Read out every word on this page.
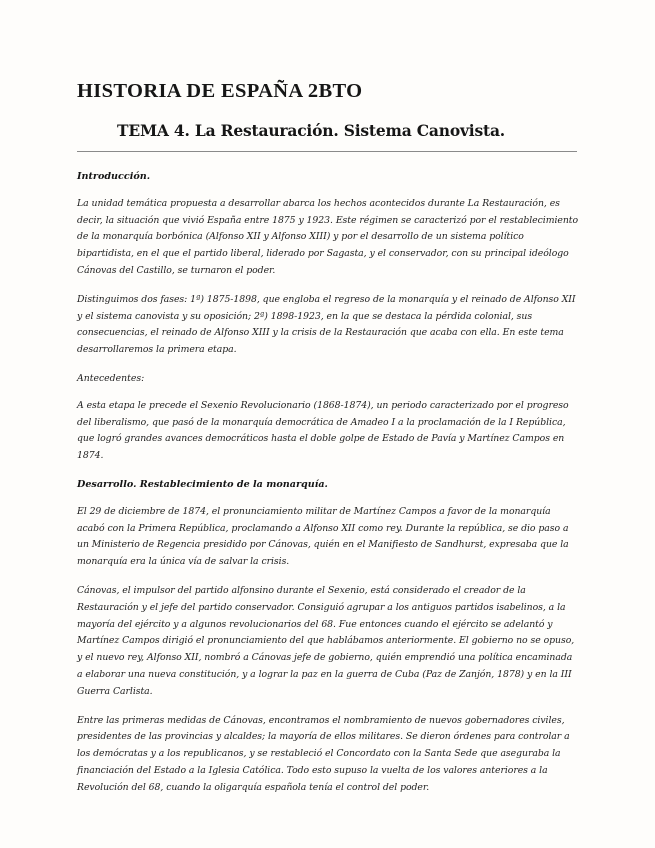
HISTORIA DE ESPAÑA 2BTO
TEMA 4. La Restauración. Sistema Canovista.

Introducción.

La unidad temática propuesta a desarrollar abarca los hechos acontecidos durante La Restauración, es decir, la situación que vivió España entre 1875 y 1923. Este régimen se caracterizó por el restablecimiento de la monarquía borbónica (Alfonso XII y Alfonso XIII) y por el desarrollo de un sistema político bipartidista, en el que el partido liberal, liderado por Sagasta, y el conservador, con su principal ideólogo Cánovas del Castillo, se turnaron el poder.

Distinguimos dos fases: 1ª) 1875-1898, que engloba el regreso de la monarquía y el reinado de Alfonso XII y el sistema canovista y su oposición; 2ª) 1898-1923, en la que se destaca la pérdida colonial, sus consecuencias, el reinado de Alfonso XIII y la crisis de la Restauración que acaba con ella. En este tema desarrollaremos la primera etapa.

Antecedentes:

A esta etapa le precede el Sexenio Revolucionario (1868-1874), un periodo caracterizado por el progreso del liberalismo, que pasó de la monarquía democrática de Amadeo I a la proclamación de la I República, que logró grandes avances democráticos hasta el doble golpe de Estado de Pavía y Martínez Campos en 1874.

Desarrollo. Restablecimiento de la monarquía.

El 29 de diciembre de 1874, el pronunciamiento militar de Martínez Campos a favor de la monarquía acabó con la Primera República, proclamando a Alfonso XII como rey. Durante la república, se dio paso a un Ministerio de Regencia presidido por Cánovas, quién en el Manifiesto de Sandhurst, expresaba que la monarquía era la única vía de salvar la crisis.

Cánovas, el impulsor del partido alfonsino durante el Sexenio, está considerado el creador de la Restauración y el jefe del partido conservador. Consiguió agrupar a los antiguos partidos isabelinos, a la mayoría del ejército y a algunos revolucionarios del 68. Fue entonces cuando el ejército se adelantó y Martínez Campos dirigió el pronunciamiento del que hablábamos anteriormente. El gobierno no se opuso, y el nuevo rey, Alfonso XII, nombró a Cánovas jefe de gobierno, quién emprendió una política encaminada a elaborar una nueva constitución, y a lograr la paz en la guerra de Cuba (Paz de Zanjón, 1878) y en la III Guerra Carlista.

Entre las primeras medidas de Cánovas, encontramos el nombramiento de nuevos gobernadores civiles, presidentes de las provincias y alcaldes; la mayoría de ellos militares. Se dieron órdenes para controlar a los demócratas y a los republicanos, y se restableció el Concordato con la Santa Sede que aseguraba la financiación del Estado a la Iglesia Católica. Todo esto supuso la vuelta de los valores anteriores a la Revolución del 68, cuando la oligarquía española tenía el control del poder.
